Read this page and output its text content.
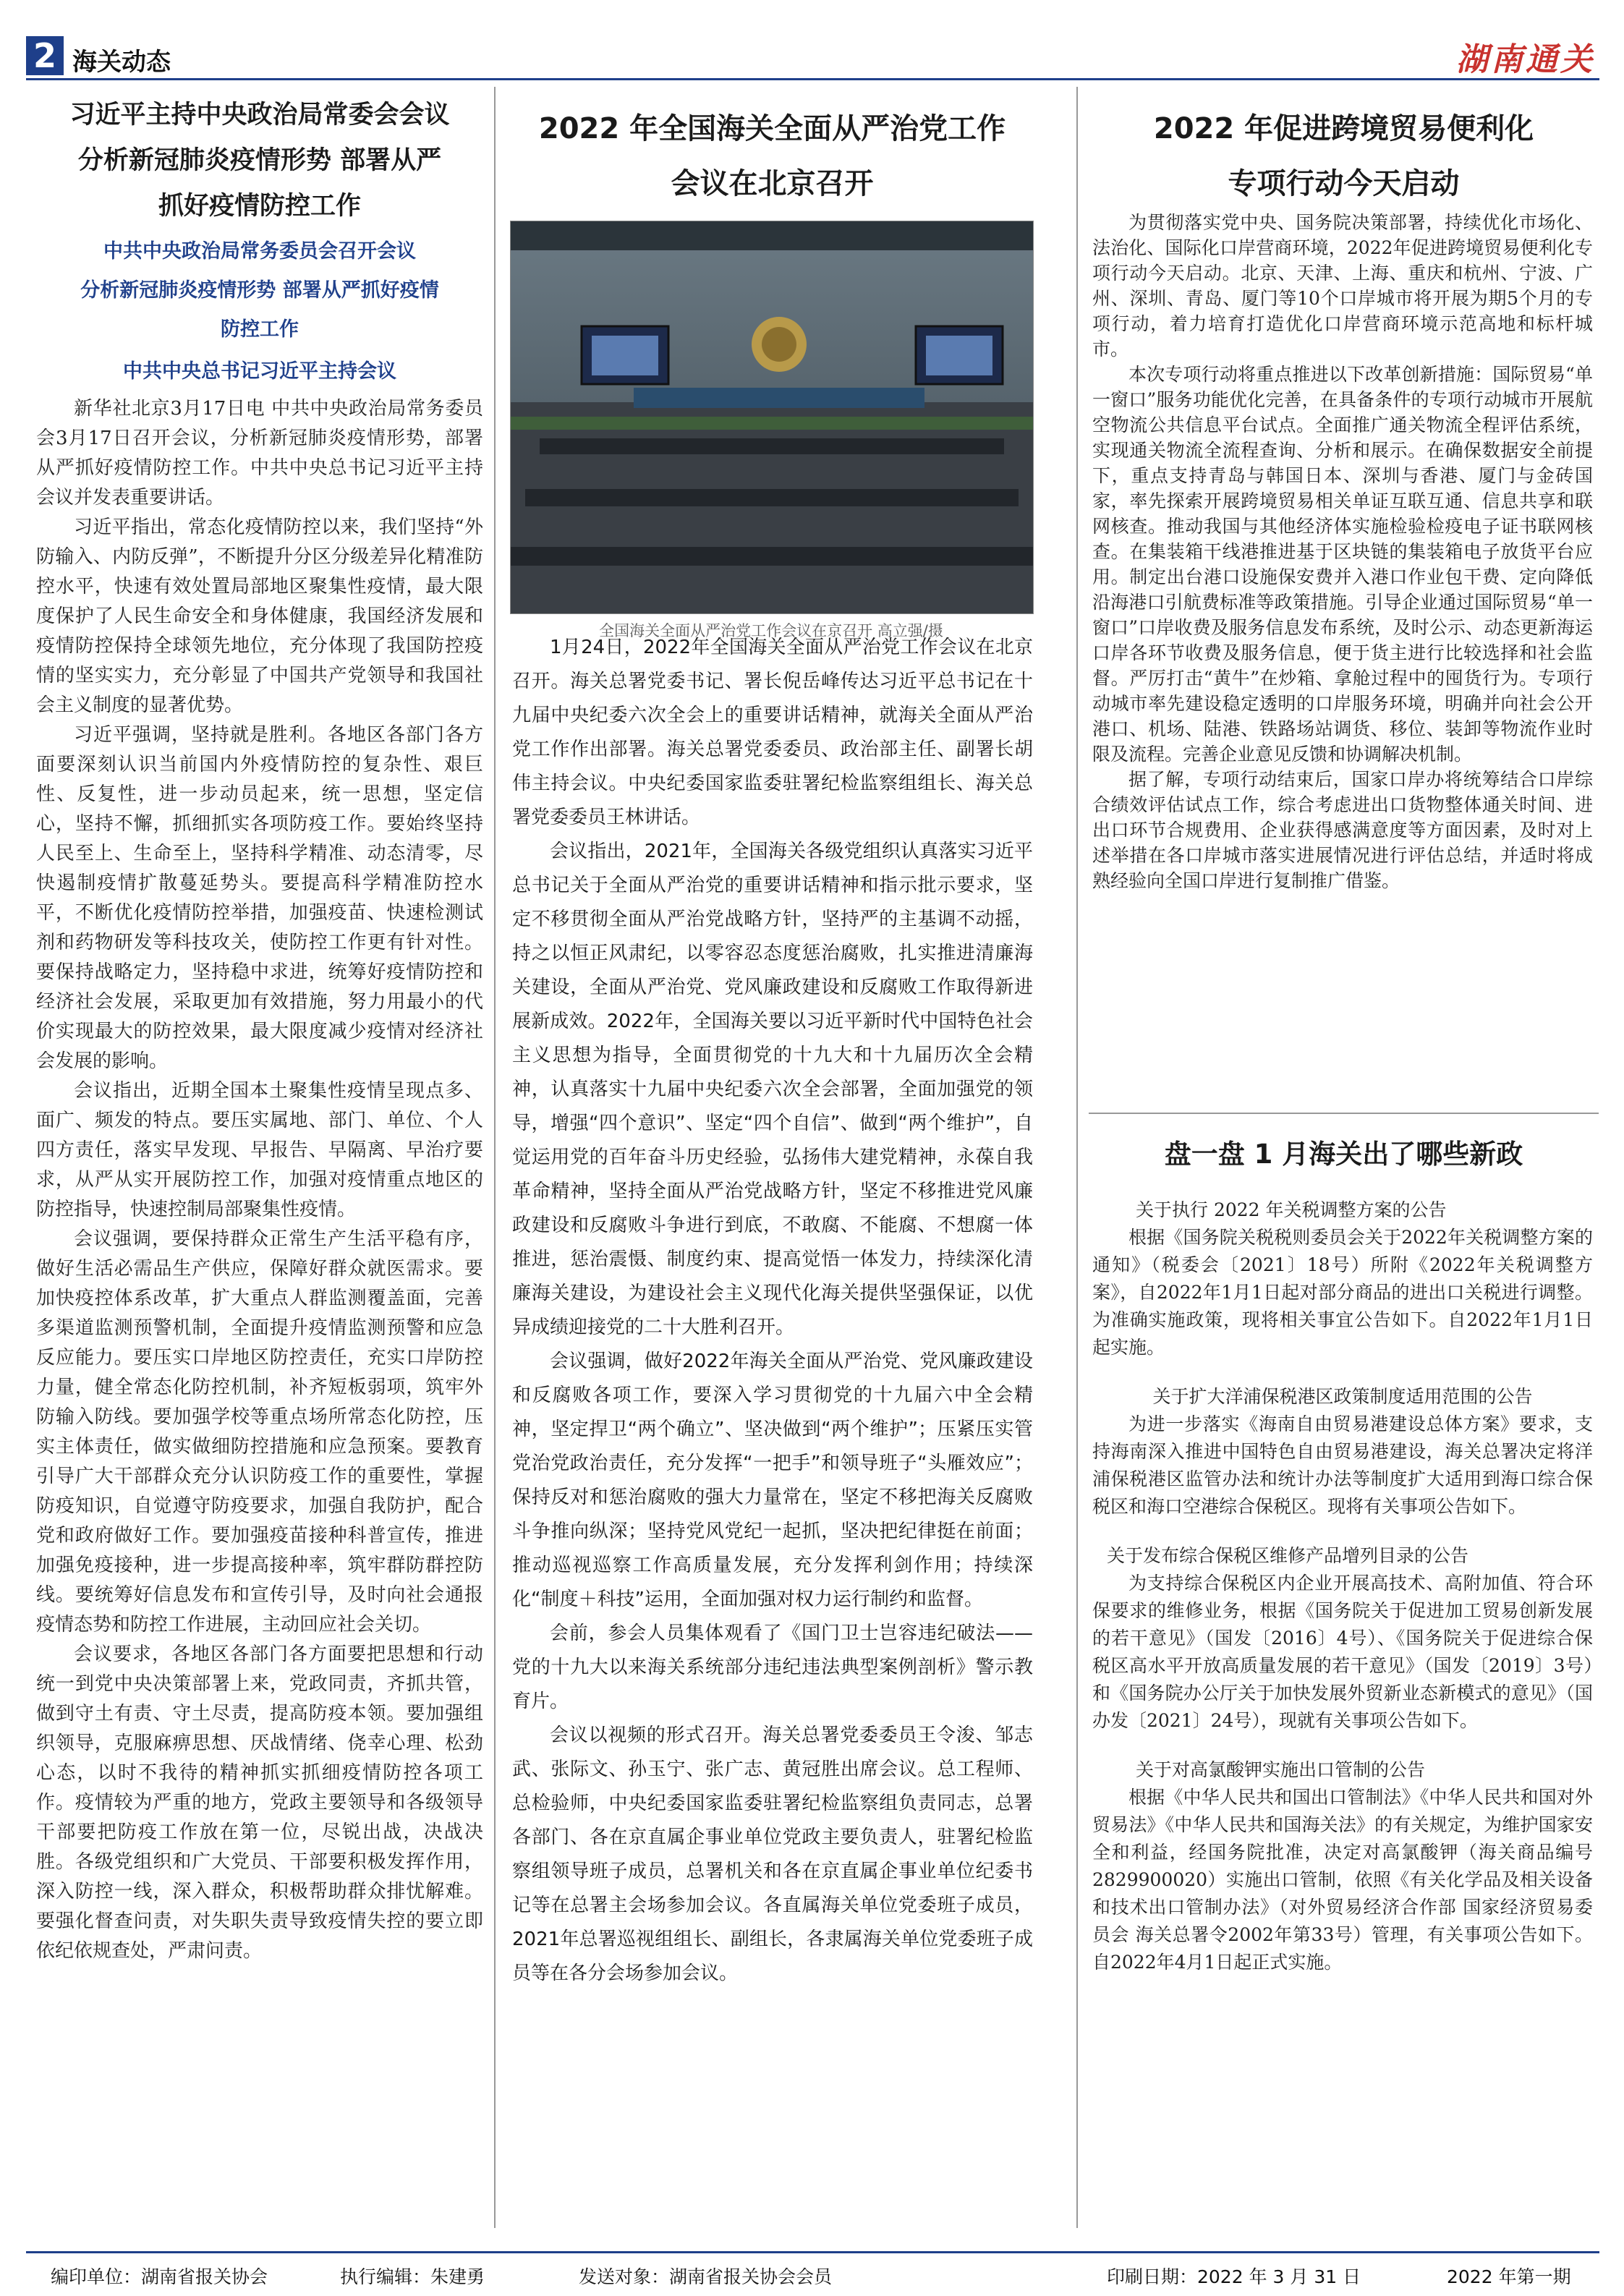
2 海关动态	湖南通关
习近平主持中央政治局常委会会议
分析新冠肺炎疫情形势 部署从严
抓好疫情防控工作
中共中央政治局常务委员会召开会议
分析新冠肺炎疫情形势 部署从严抓好疫情
防控工作
中共中央总书记习近平主持会议

新华社北京3月17日电 中共中央政治局常务委员会3月17日召开会议，分析新冠肺炎疫情形势，部署从严抓好疫情防控工作。中共中央总书记习近平主持会议并发表重要讲话。

习近平指出，常态化疫情防控以来，我们坚持“外防输入、内防反弹”，不断提升分区分级差异化精准防控水平，快速有效处置局部地区聚集性疫情，最大限度保护了人民生命安全和身体健康，我国经济发展和疫情防控保持全球领先地位，充分体现了我国防控疫情的坚实实力，充分彰显了中国共产党领导和我国社会主义制度的显著优势。

习近平强调，坚持就是胜利。各地区各部门各方面要深刻认识当前国内外疫情防控的复杂性、艰巨性、反复性，进一步动员起来，统一思想，坚定信心，坚持不懈，抓细抓实各项防疫工作。要始终坚持人民至上、生命至上，坚持科学精准、动态清零，尽快遏制疫情扩散蔓延势头。要提高科学精准防控水平，不断优化疫情防控举措，加强疫苗、快速检测试剂和药物研发等科技攻关，使防控工作更有针对性。要保持战略定力，坚持稳中求进，统筹好疫情防控和经济社会发展，采取更加有效措施，努力用最小的代价实现最大的防控效果，最大限度减少疫情对经济社会发展的影响。

会议指出，近期全国本土聚集性疫情呈现点多、面广、频发的特点。要压实属地、部门、单位、个人四方责任，落实早发现、早报告、早隔离、早治疗要求，从严从实开展防控工作，加强对疫情重点地区的防控指导，快速控制局部聚集性疫情。

会议强调，要保持群众正常生产生活平稳有序，做好生活必需品生产供应，保障好群众就医需求。要加快疫控体系改革，扩大重点人群监测覆盖面，完善多渠道监测预警机制，全面提升疫情监测预警和应急反应能力。要压实口岸地区防控责任，充实口岸防控力量，健全常态化防控机制，补齐短板弱项，筑牢外防输入防线。要加强学校等重点场所常态化防控，压实主体责任，做实做细防控措施和应急预案。要教育引导广大干部群众充分认识防疫工作的重要性，掌握防疫知识，自觉遵守防疫要求，加强自我防护，配合党和政府做好工作。要加强疫苗接种科普宣传，推进加强免疫接种，进一步提高接种率，筑牢群防群控防线。要统筹好信息发布和宣传引导，及时向社会通报疫情态势和防控工作进展，主动回应社会关切。

会议要求，各地区各部门各方面要把思想和行动统一到党中央决策部署上来，党政同责，齐抓共管，做到守土有责、守土尽责，提高防疫本领。要加强组织领导，克服麻痹思想、厌战情绪、侥幸心理、松劲心态，以时不我待的精神抓实抓细疫情防控各项工作。疫情较为严重的地方，党政主要领导和各级领导干部要把防疫工作放在第一位，尽锐出战，决战决胜。各级党组织和广大党员、干部要积极发挥作用，深入防控一线，深入群众，积极帮助群众排忧解难。要强化督查问责，对失职失责导致疫情失控的要立即依纪依规查处，严肃问责。

2022 年全国海关全面从严治党工作
会议在北京召开
全国海关全面从严治党工作会议在京召开 高立强/摄

1月24日，2022年全国海关全面从严治党工作会议在北京召开。海关总署党委书记、署长倪岳峰传达习近平总书记在十九届中央纪委六次全会上的重要讲话精神，就海关全面从严治党工作作出部署。海关总署党委委员、政治部主任、副署长胡伟主持会议。中央纪委国家监委驻署纪检监察组组长、海关总署党委委员王林讲话。

会议指出，2021年，全国海关各级党组织认真落实习近平总书记关于全面从严治党的重要讲话精神和指示批示要求，坚定不移贯彻全面从严治党战略方针，坚持严的主基调不动摇，持之以恒正风肃纪，以零容忍态度惩治腐败，扎实推进清廉海关建设，全面从严治党、党风廉政建设和反腐败工作取得新进展新成效。2022年，全国海关要以习近平新时代中国特色社会主义思想为指导，全面贯彻党的十九大和十九届历次全会精神，认真落实十九届中央纪委六次全会部署，全面加强党的领导，增强“四个意识”、坚定“四个自信”、做到“两个维护”，自觉运用党的百年奋斗历史经验，弘扬伟大建党精神，永葆自我革命精神，坚持全面从严治党战略方针，坚定不移推进党风廉政建设和反腐败斗争进行到底，不敢腐、不能腐、不想腐一体推进，惩治震慑、制度约束、提高觉悟一体发力，持续深化清廉海关建设，为建设社会主义现代化海关提供坚强保证，以优异成绩迎接党的二十大胜利召开。

会议强调，做好2022年海关全面从严治党、党风廉政建设和反腐败各项工作，要深入学习贯彻党的十九届六中全会精神，坚定捍卫“两个确立”、坚决做到“两个维护”；压紧压实管党治党政治责任，充分发挥“一把手”和领导班子“头雁效应”；保持反对和惩治腐败的强大力量常在，坚定不移把海关反腐败斗争推向纵深；坚持党风党纪一起抓，坚决把纪律挺在前面；推动巡视巡察工作高质量发展，充分发挥利剑作用；持续深化“制度＋科技”运用，全面加强对权力运行制约和监督。

会前，参会人员集体观看了《国门卫士岂容违纪破法——党的十九大以来海关系统部分违纪违法典型案例剖析》警示教育片。

会议以视频的形式召开。海关总署党委委员王令浚、邹志武、张际文、孙玉宁、张广志、黄冠胜出席会议。总工程师、总检验师，中央纪委国家监委驻署纪检监察组负责同志，总署各部门、各在京直属企事业单位党政主要负责人，驻署纪检监察组领导班子成员，总署机关和各在京直属企事业单位纪委书记等在总署主会场参加会议。各直属海关单位党委班子成员，2021年总署巡视组组长、副组长，各隶属海关单位党委班子成员等在各分会场参加会议。

2022 年促进跨境贸易便利化
专项行动今天启动

为贯彻落实党中央、国务院决策部署，持续优化市场化、法治化、国际化口岸营商环境，2022年促进跨境贸易便利化专项行动今天启动。北京、天津、上海、重庆和杭州、宁波、广州、深圳、青岛、厦门等10个口岸城市将开展为期5个月的专项行动，着力培育打造优化口岸营商环境示范高地和标杆城市。

本次专项行动将重点推进以下改革创新措施：国际贸易“单一窗口”服务功能优化完善，在具备条件的专项行动城市开展航空物流公共信息平台试点。全面推广通关物流全程评估系统，实现通关物流全流程查询、分析和展示。在确保数据安全前提下，重点支持青岛与韩国日本、深圳与香港、厦门与金砖国家，率先探索开展跨境贸易相关单证互联互通、信息共享和联网核查。推动我国与其他经济体实施检验检疫电子证书联网核查。在集装箱干线港推进基于区块链的集装箱电子放货平台应用。制定出台港口设施保安费并入港口作业包干费、定向降低沿海港口引航费标准等政策措施。引导企业通过国际贸易“单一窗口”口岸收费及服务信息发布系统，及时公示、动态更新海运口岸各环节收费及服务信息，便于货主进行比较选择和社会监督。严厉打击“黄牛”在炒箱、拿舱过程中的囤货行为。专项行动城市率先建设稳定透明的口岸服务环境，明确并向社会公开港口、机场、陆港、铁路场站调货、移位、装卸等物流作业时限及流程。完善企业意见反馈和协调解决机制。

据了解，专项行动结束后，国家口岸办将统筹结合口岸综合绩效评估试点工作，综合考虑进出口货物整体通关时间、进出口环节合规费用、企业获得感满意度等方面因素，及时对上述举措在各口岸城市落实进展情况进行评估总结，并适时将成熟经验向全国口岸进行复制推广借鉴。

盘一盘 1 月海关出了哪些新政
关于执行 2022 年关税调整方案的公告

根据《国务院关税税则委员会关于2022年关税调整方案的通知》（税委会〔2021〕18号）所附《2022年关税调整方案》，自2022年1月1日起对部分商品的进出口关税进行调整。为准确实施政策，现将相关事宜公告如下。自2022年1月1日起实施。

关于扩大洋浦保税港区政策制度适用范围的公告

为进一步落实《海南自由贸易港建设总体方案》要求，支持海南深入推进中国特色自由贸易港建设，海关总署决定将洋浦保税港区监管办法和统计办法等制度扩大适用到海口综合保税区和海口空港综合保税区。现将有关事项公告如下。

关于发布综合保税区维修产品增列目录的公告

为支持综合保税区内企业开展高技术、高附加值、符合环保要求的维修业务，根据《国务院关于促进加工贸易创新发展的若干意见》（国发〔2016〕4号）、《国务院关于促进综合保税区高水平开放高质量发展的若干意见》（国发〔2019〕3号）和《国务院办公厅关于加快发展外贸新业态新模式的意见》（国办发〔2021〕24号），现就有关事项公告如下。

关于对高氯酸钾实施出口管制的公告

根据《中华人民共和国出口管制法》《中华人民共和国对外贸易法》《中华人民共和国海关法》的有关规定，为维护国家安全和利益，经国务院批准，决定对高氯酸钾（海关商品编号2829900020）实施出口管制，依照《有关化学品及相关设备和技术出口管制办法》（对外贸易经济合作部 国家经济贸易委员会 海关总署令2002年第33号）管理，有关事项公告如下。自2022年4月1日起正式实施。

编印单位：湖南省报关协会	执行编辑：朱建勇	发送对象：湖南省报关协会会员	印刷日期：2022 年 3 月 31 日	2022 年第一期
